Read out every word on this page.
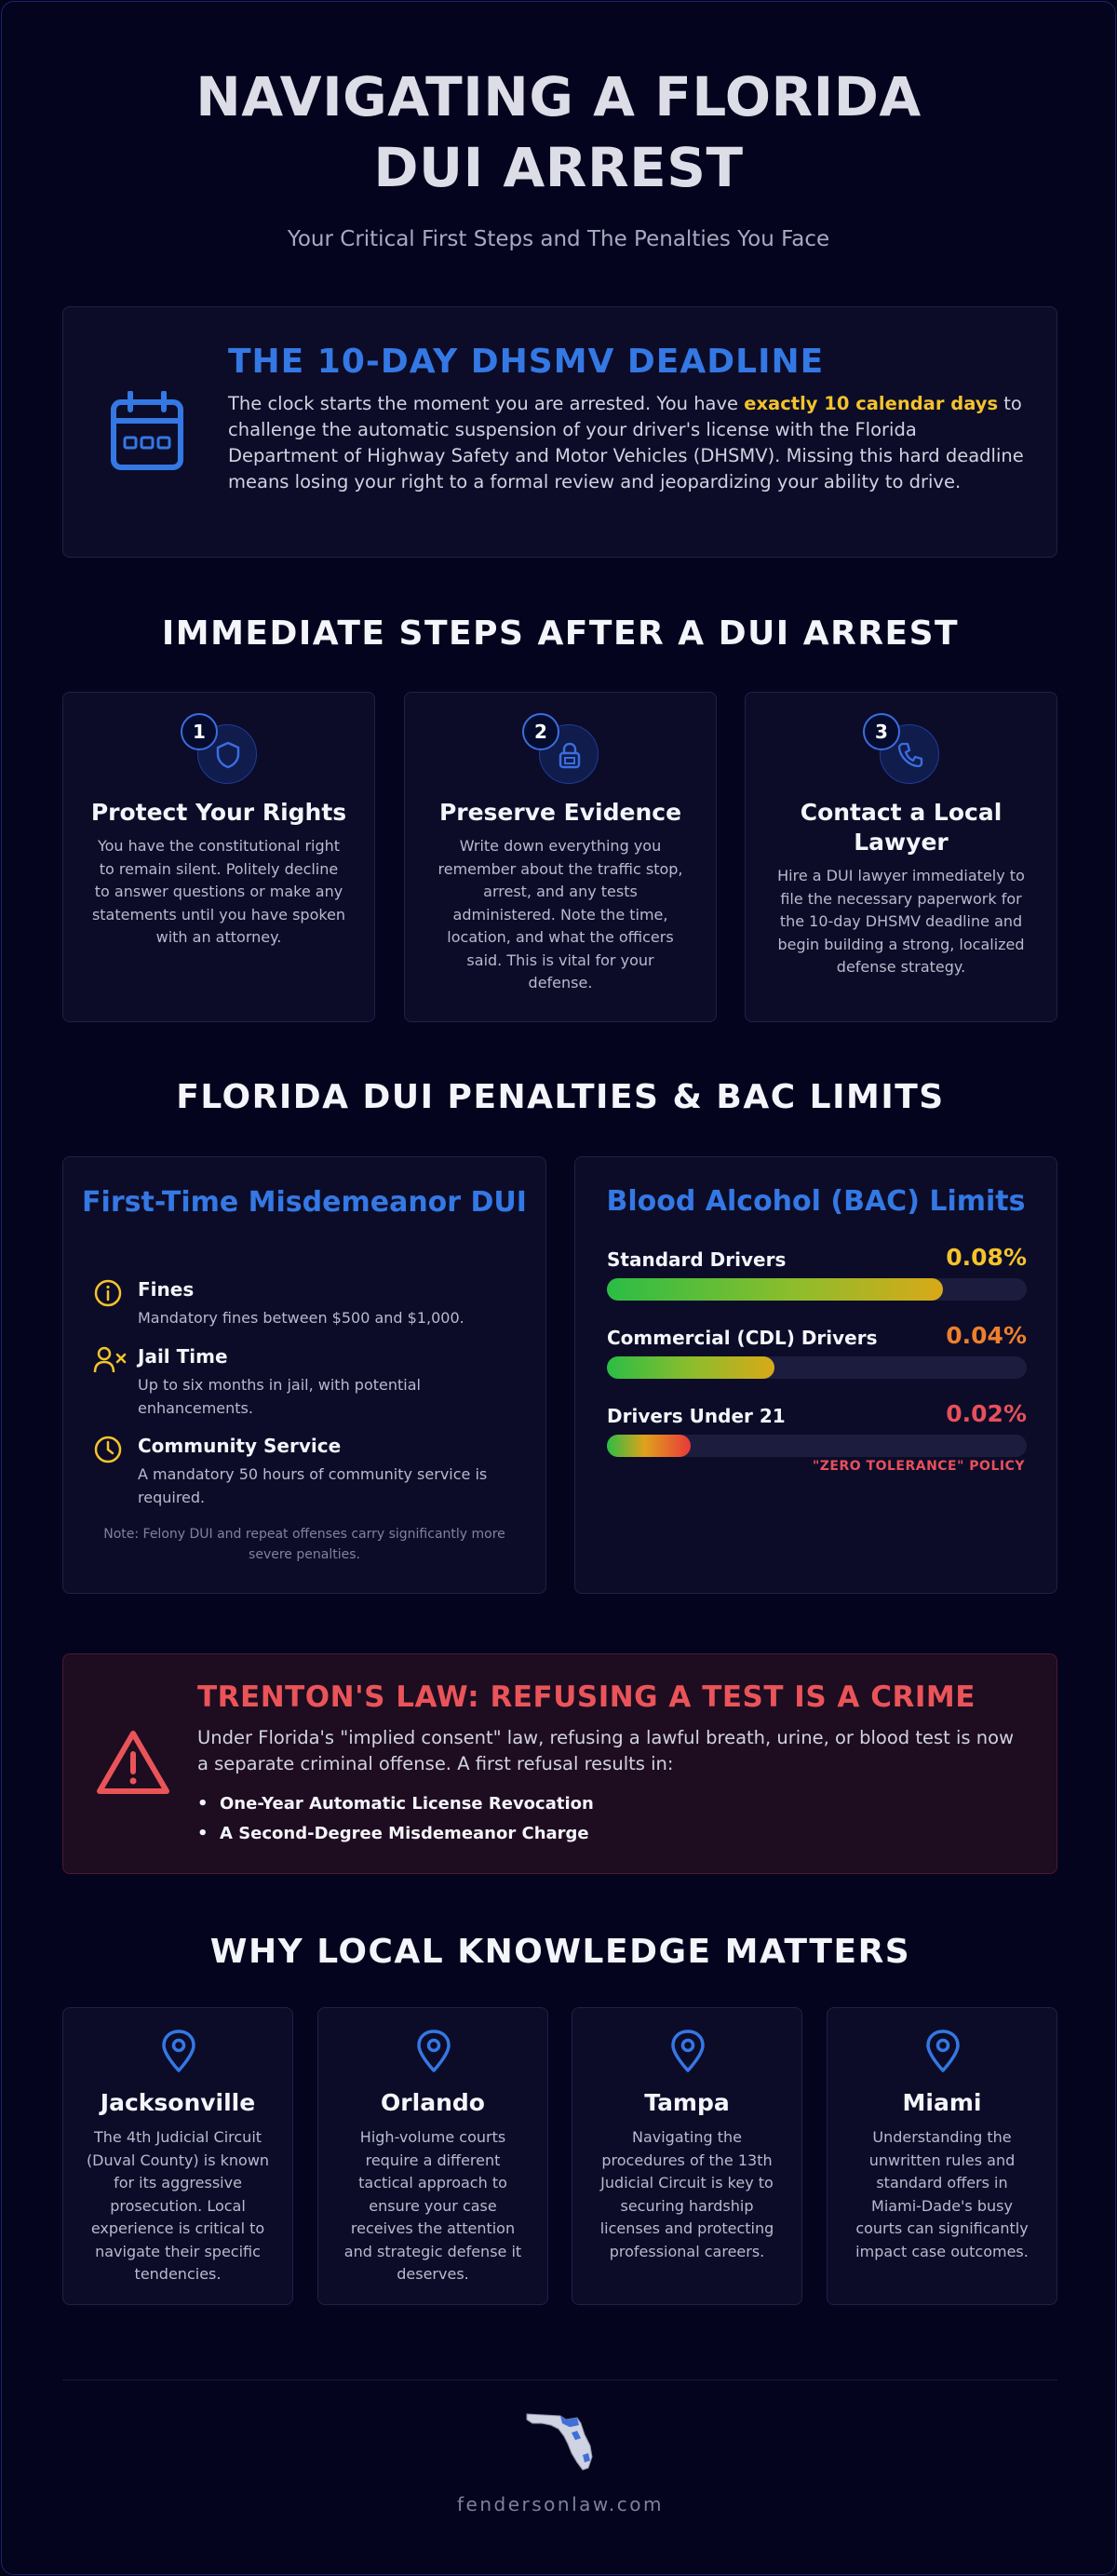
NAVIGATING A FLORIDA DUI ARREST
Your Critical First Steps and The Penalties You Face
THE 10-DAY DHSMV DEADLINE

The clock starts the moment you are arrested. You have exactly 10 calendar days to challenge the automatic suspension of your driver's license with the Florida Department of Highway Safety and Motor Vehicles (DHSMV). Missing this hard deadline means losing your right to a formal review and jeopardizing your ability to drive.

IMMEDIATE STEPS AFTER A DUI ARREST
1
Protect Your Rights

You have the constitutional right to remain silent. Politely decline to answer questions or make any statements until you have spoken with an attorney.

2
Preserve Evidence

Write down everything you remember about the traffic stop, arrest, and any tests administered. Note the time, location, and what the officers said. This is vital for your defense.

3
Contact a Local Lawyer

Hire a DUI lawyer immediately to file the necessary paperwork for the 10-day DHSMV deadline and begin building a strong, localized defense strategy.

FLORIDA DUI PENALTIES & BAC LIMITS
First-Time Misdemeanor DUI
Fines
Mandatory fines between $500 and $1,000.
Jail Time
Up to six months in jail, with potential enhancements.
Community Service
A mandatory 50 hours of community service is required.
Note: Felony DUI and repeat offenses carry significantly more severe penalties.
Blood Alcohol (BAC) Limits
Standard Drivers	0.08%
Commercial (CDL) Drivers	0.04%
Drivers Under 21	0.02%
"ZERO TOLERANCE" POLICY
TRENTON'S LAW: REFUSING A TEST IS A CRIME

Under Florida's "implied consent" law, refusing a lawful breath, urine, or blood test is now a separate criminal offense. A first refusal results in:

• One-Year Automatic License Revocation
• A Second-Degree Misdemeanor Charge
WHY LOCAL KNOWLEDGE MATTERS
Jacksonville

The 4th Judicial Circuit (Duval County) is known for its aggressive prosecution. Local experience is critical to navigate their specific tendencies.

Orlando

High-volume courts require a different tactical approach to ensure your case receives the attention and strategic defense it deserves.

Tampa

Navigating the procedures of the 13th Judicial Circuit is key to securing hardship licenses and protecting professional careers.

Miami

Understanding the unwritten rules and standard offers in Miami-Dade's busy courts can significantly impact case outcomes.

fendersonlaw.com
